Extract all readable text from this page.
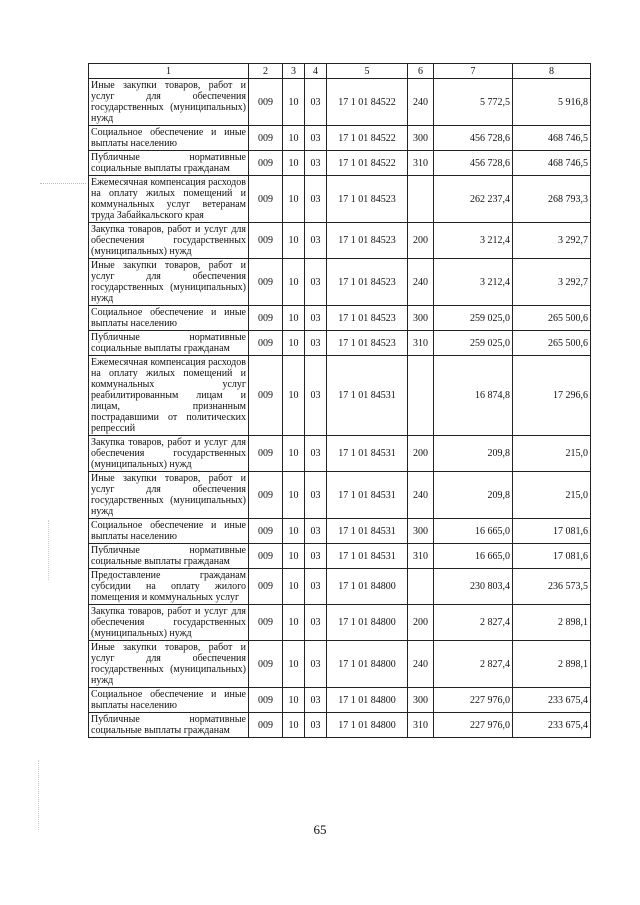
1	2	3	4	5	6	7	8
Иные закупки товаров, работ и услуг для обеспечения государственных (муниципальных) нужд	009	10	03	17 1 01 84522	240	5 772,5	5 916,8
Социальное обеспечение и иные выплаты населению	009	10	03	17 1 01 84522	300	456 728,6	468 746,5
Публичные нормативные социальные выплаты гражданам	009	10	03	17 1 01 84522	310	456 728,6	468 746,5
Ежемесячная компенсация расходов на оплату жилых помещений и коммунальных услуг ветеранам труда Забайкальского края	009	10	03	17 1 01 84523		262 237,4	268 793,3
Закупка товаров, работ и услуг для обеспечения государственных (муниципальных) нужд	009	10	03	17 1 01 84523	200	3 212,4	3 292,7
Иные закупки товаров, работ и услуг для обеспечения государственных (муниципальных) нужд	009	10	03	17 1 01 84523	240	3 212,4	3 292,7
Социальное обеспечение и иные выплаты населению	009	10	03	17 1 01 84523	300	259 025,0	265 500,6
Публичные нормативные социальные выплаты гражданам	009	10	03	17 1 01 84523	310	259 025,0	265 500,6
Ежемесячная компенсация расходов на оплату жилых помещений и коммунальных услуг реабилитированным лицам и лицам, признанным пострадавшими от политических репрессий	009	10	03	17 1 01 84531		16 874,8	17 296,6
Закупка товаров, работ и услуг для обеспечения государственных (муниципальных) нужд	009	10	03	17 1 01 84531	200	209,8	215,0
Иные закупки товаров, работ и услуг для обеспечения государственных (муниципальных) нужд	009	10	03	17 1 01 84531	240	209,8	215,0
Социальное обеспечение и иные выплаты населению	009	10	03	17 1 01 84531	300	16 665,0	17 081,6
Публичные нормативные социальные выплаты гражданам	009	10	03	17 1 01 84531	310	16 665,0	17 081,6
Предоставление гражданам субсидии на оплату жилого помещения и коммунальных услуг	009	10	03	17 1 01 84800		230 803,4	236 573,5
Закупка товаров, работ и услуг для обеспечения государственных (муниципальных) нужд	009	10	03	17 1 01 84800	200	2 827,4	2 898,1
Иные закупки товаров, работ и услуг для обеспечения государственных (муниципальных) нужд	009	10	03	17 1 01 84800	240	2 827,4	2 898,1
Социальное обеспечение и иные выплаты населению	009	10	03	17 1 01 84800	300	227 976,0	233 675,4
Публичные нормативные социальные выплаты гражданам	009	10	03	17 1 01 84800	310	227 976,0	233 675,4
65
